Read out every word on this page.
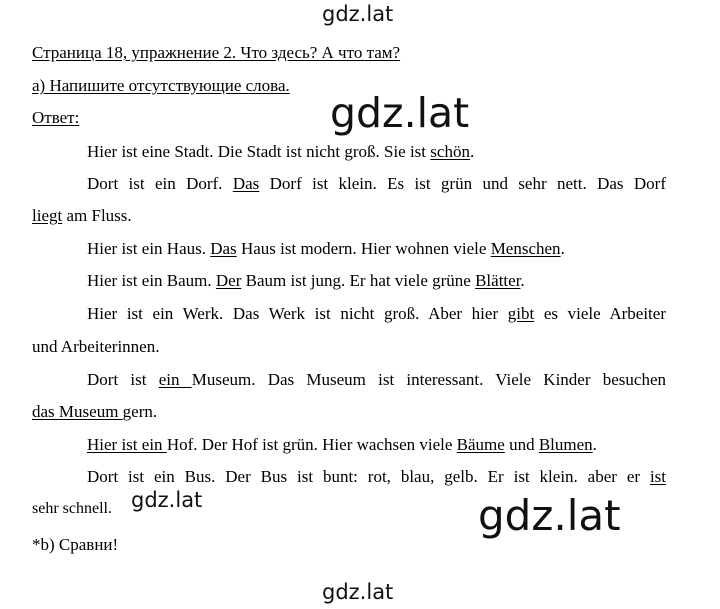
gdz.lat
gdz.lat
gdz.lat	gdz.lat
gdz.lat
Страница 18, упражнение 2. Что здесь? А что там?
а) Напишите отсутствующие слова.
Ответ:
Hier ist eine Stadt. Die Stadt ist nicht groß. Sie ist schön.
Dort ist ein Dorf. Das Dorf ist klein. Es ist grün und sehr nett. Das Dorf
liegt am Fluss.
Hier ist ein Haus. Das Haus ist modern. Hier wohnen viele Menschen.
Hier ist ein Baum. Der Baum ist jung. Er hat viele grüne Blätter.
Hier ist ein Werk. Das Werk ist nicht groß. Aber hier gibt es viele Arbeiter
und Arbeiterinnen.
Dort ist ein Museum. Das Museum ist interessant. Viele Kinder besuchen
das Museum gern.
Hier ist ein Hof. Der Hof ist grün. Hier wachsen viele Bäume und Blumen.
Dort ist ein Bus. Der Bus ist bunt: rot, blau, gelb. Er ist klein. aber er ist
sehr schnell.
*b) Сравни!
